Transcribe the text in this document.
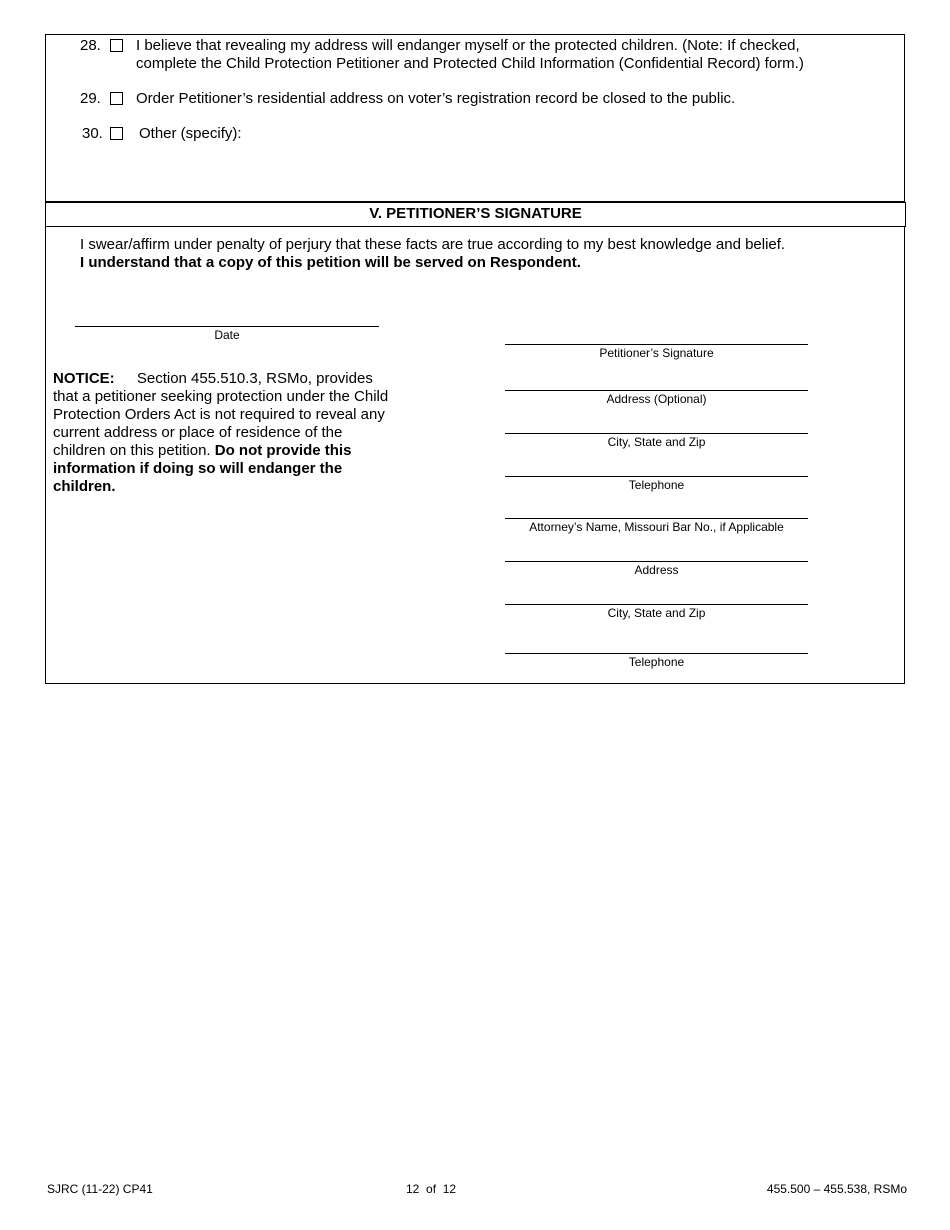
28. I believe that revealing my address will endanger myself or the protected children. (Note: If checked,
complete the Child Protection Petitioner and Protected Child Information (Confidential Record) form.)
29. Order Petitioner’s residential address on voter’s registration record be closed to the public.
30. Other (specify):
V. PETITIONER’S SIGNATURE
I swear/affirm under penalty of perjury that these facts are true according to my best knowledge and belief.
I understand that a copy of this petition will be served on Respondent.
Date
Petitioner’s Signature
Address (Optional)
City, State and Zip
Telephone
Attorney’s Name, Missouri Bar No., if Applicable
Address
City, State and Zip
Telephone
NOTICE: Section 455.510.3, RSMo, provides that a petitioner seeking protection under the Child Protection Orders Act is not required to reveal any current address or place of residence of the children on this petition. Do not provide this information if doing so will endanger the children.
SJRC (11-22) CP41	12  of  12	455.500 – 455.538, RSMo
